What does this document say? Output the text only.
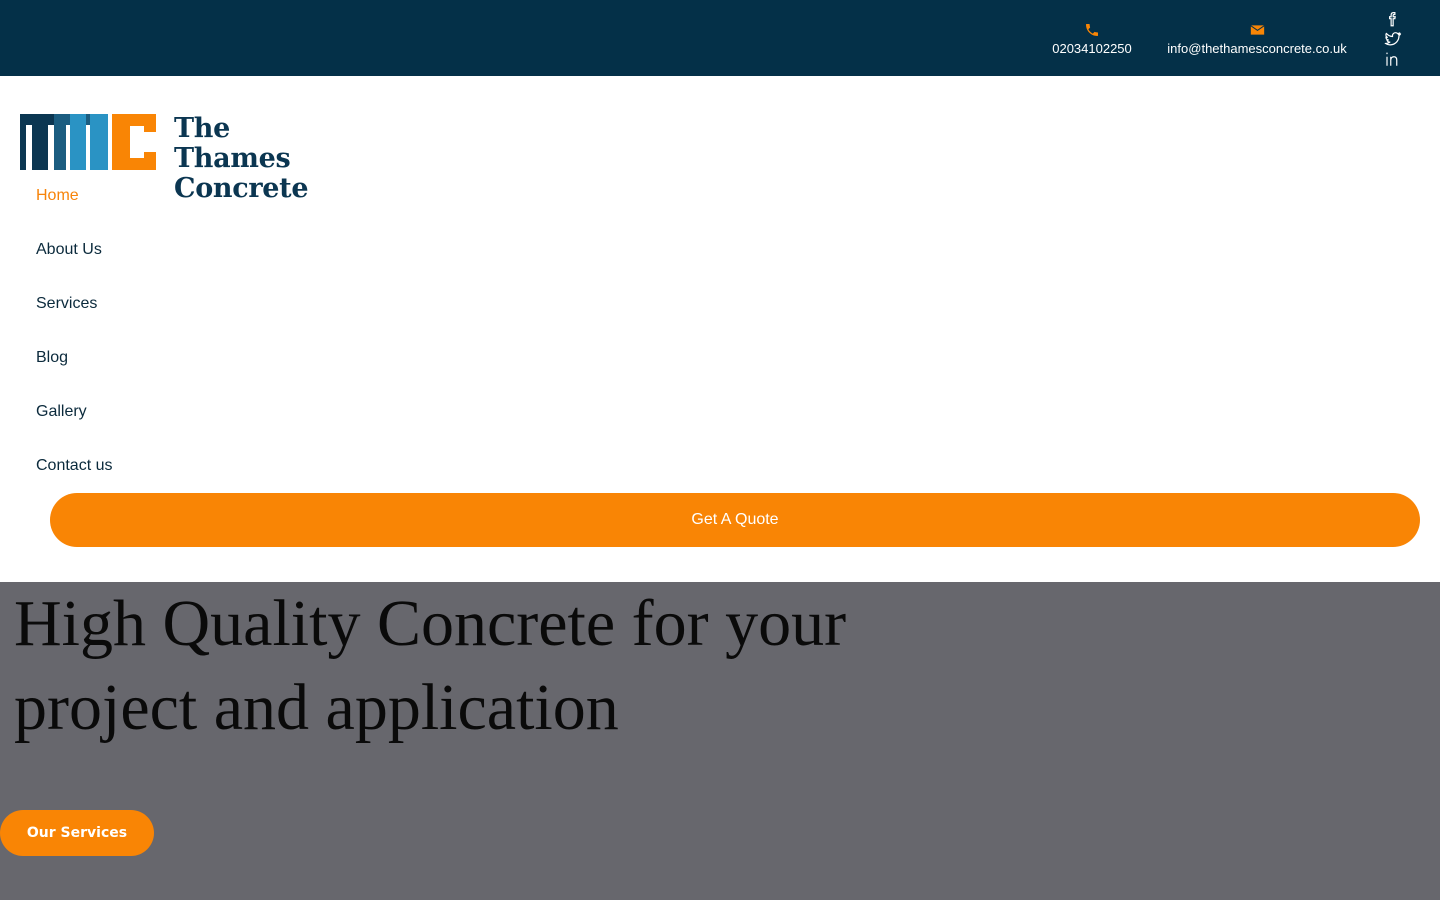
02034102250	info@thethamesconcrete.co.uk
The Thames
Concrete
Home
About Us
Services
Blog
Gallery
Contact us
Get A Quote
High Quality Concrete for your project and application
Our Services
